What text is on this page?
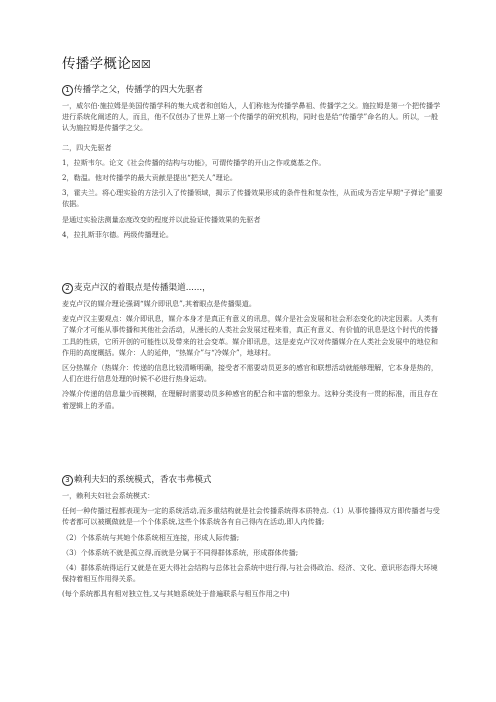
传播学概论☒☒
1 传播学之父，传播学的四大先驱者

一，威尔伯·施拉姆是美国传播学科的集大成者和创始人，人们称他为传播学鼻祖、传播学之父。施拉姆是第一个把传播学进行系统化阐述的人，而且，他不仅创办了世界上第一个传播学的研究机构，同时也是给“传播学”命名的人。所以，一般认为施拉姆是传播学之父。

二，四大先驱者

1，拉斯韦尔。论文《社会传播的结构与功能》，可谓传播学的开山之作或奠基之作。

2，勒温。他对传播学的最大贡献是提出“把关人”理论。

3，霍夫兰。将心理实验的方法引入了传播领域，揭示了传播效果形成的条件性和复杂性，从而成为否定早期“子弹论”重要依据。

是通过实验法测量态度改变的程度并以此验证传播效果的先驱者

4，拉扎斯菲尔德。两级传播理论。

2 麦克卢汉的着眼点是传播渠道......，

麦克卢汉的媒介理论强调“媒介即讯息”,其着眼点是传播渠道。

麦克卢汉主要观点：媒介即讯息，媒介本身才是真正有意义的讯息，媒介是社会发展和社会形态变化的决定因素。人类有了媒介才可能从事传播和其他社会活动，从漫长的人类社会发展过程来看，真正有意义、有价值的讯息是这个时代的传播工具的性质，它所开创的可能性以及带来的社会变革。媒介即讯息，这是麦克卢汉对传播媒介在人类社会发展中的地位和作用的高度概括。媒介：人的延伸，“热媒介”与“冷媒介”，地球村。

区分热媒介（热媒介：传递的信息比较清晰明确，接受者不需要动员更多的感官和联想活动就能够理解，它本身是热的，人们在进行信息处理的时候不必进行热身运动。

冷媒介传递的信息量少而模糊，在理解时需要动员多种感官的配合和丰富的想象力。这种分类没有一贯的标准，而且存在着逻辑上的矛盾。

3 赖利夫妇的系统模式，香农韦弗模式

一，赖利夫妇社会系统模式：

任何一种传播过程都表现为一定的系统活动,而多重结构就是社会传播系统得本质特点.（1）从事传播得双方即传播者与受传者都可以被概做就是一个个体系统,这些个体系统各有自己得内在活动,即人内传播;

（2）个体系统与其她个体系统相互连接，形成人际传播;

（3）个体系统不就是孤立得,而就是分属于不同得群体系统，形成群体传播;

（4）群体系统得运行又就是在更大得社会结构与总体社会系统中进行得,与社会得政治、经济、文化、意识形态得大环境保持着相互作用得关系。

(每个系统都具有相对独立性,又与其她系统处于普遍联系与相互作用之中)
